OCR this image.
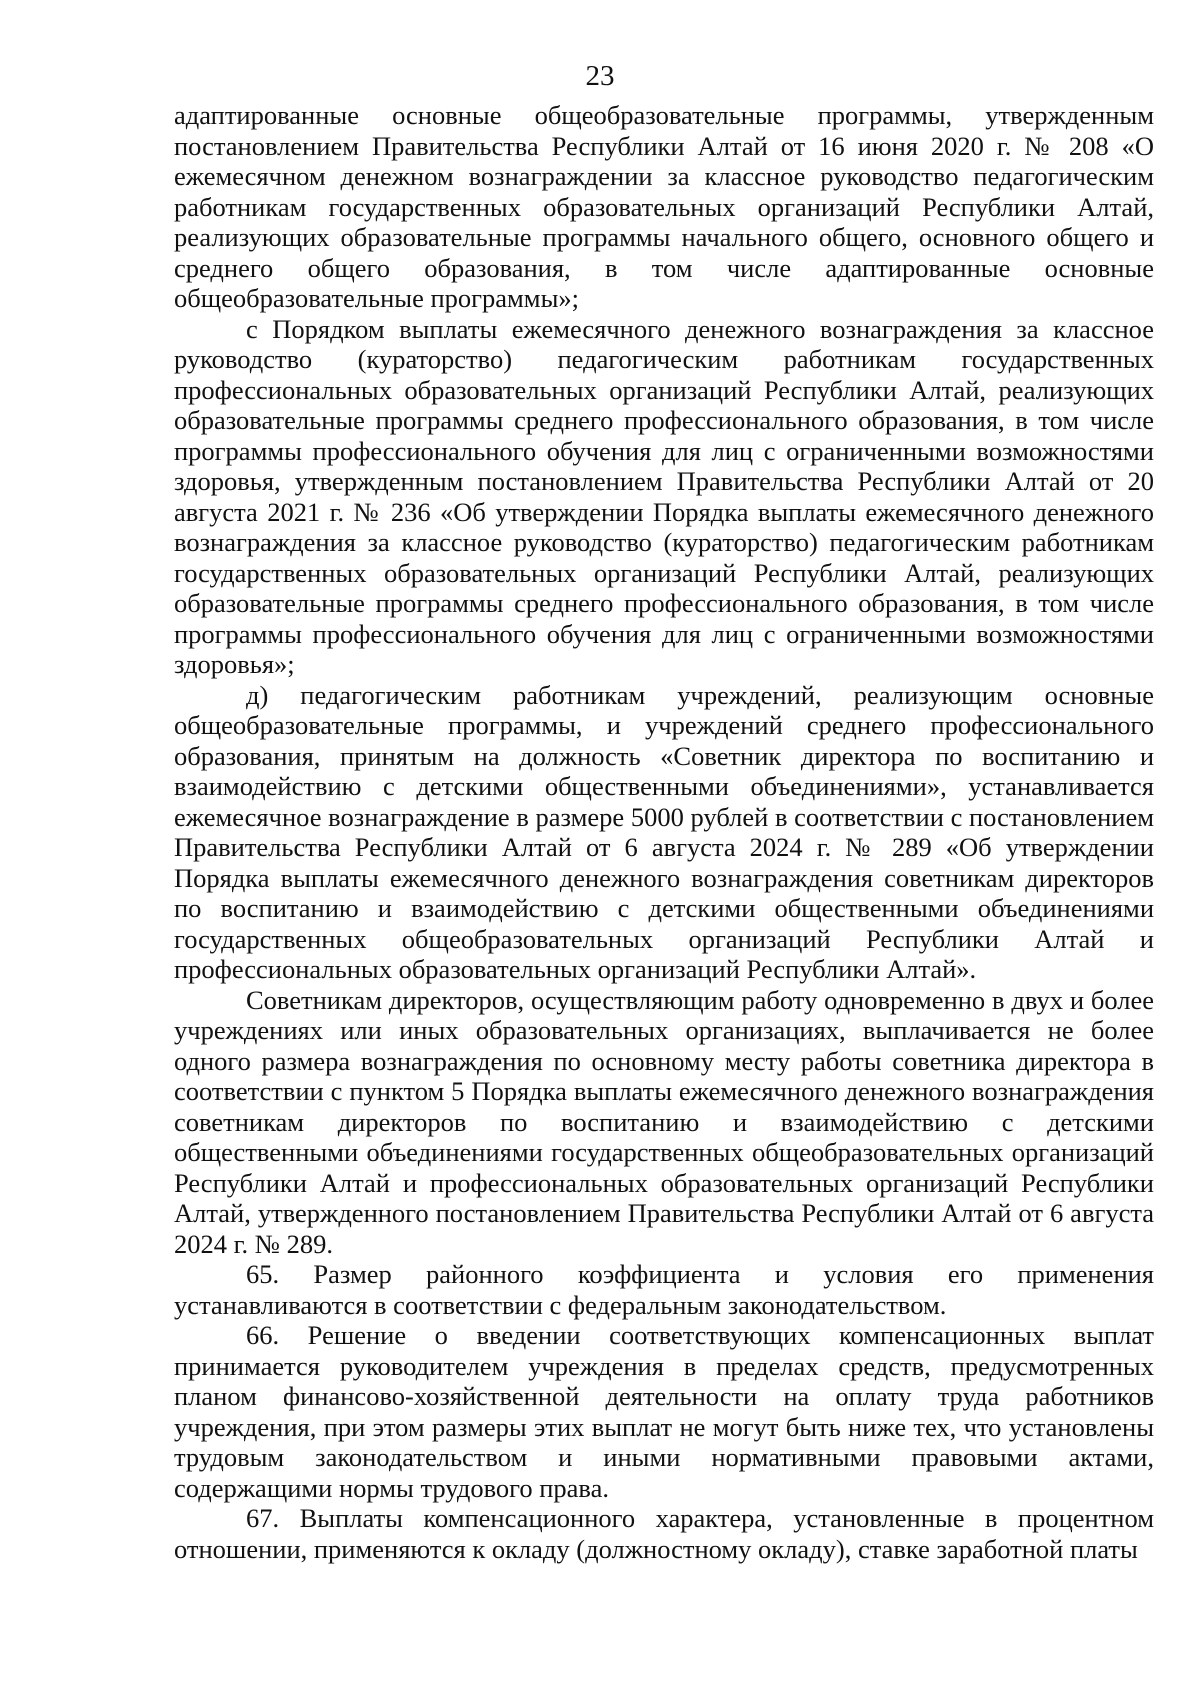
23

адаптированные основные общеобразовательные программы, утвержденным постановлением Правительства Республики Алтай от 16 июня 2020 г. № 208 «О ежемесячном денежном вознаграждении за классное руководство педагогическим работникам государственных образовательных организаций Республики Алтай, реализующих образовательные программы начального общего, основного общего и среднего общего образования, в том числе адаптированные основные общеобразовательные программы»;

с Порядком выплаты ежемесячного денежного вознаграждения за классное руководство (кураторство) педагогическим работникам государственных профессиональных образовательных организаций Республики Алтай, реализующих образовательные программы среднего профессионального образования, в том числе программы профессионального обучения для лиц с ограниченными возможностями здоровья, утвержденным постановлением Правительства Республики Алтай от 20 августа 2021 г. № 236 «Об утверждении Порядка выплаты ежемесячного денежного вознаграждения за классное руководство (кураторство) педагогическим работникам государственных образовательных организаций Республики Алтай, реализующих образовательные программы среднего профессионального образования, в том числе программы профессионального обучения для лиц с ограниченными возможностями здоровья»;

д) педагогическим работникам учреждений, реализующим основные общеобразовательные программы, и учреждений среднего профессионального образования, принятым на должность «Советник директора по воспитанию и взаимодействию с детскими общественными объединениями», устанавливается ежемесячное вознаграждение в размере 5000 рублей в соответствии с постановлением Правительства Республики Алтай от 6 августа 2024 г. № 289 «Об утверждении Порядка выплаты ежемесячного денежного вознаграждения советникам директоров по воспитанию и взаимодействию с детскими общественными объединениями государственных общеобразовательных организаций Республики Алтай и профессиональных образовательных организаций Республики Алтай».

Советникам директоров, осуществляющим работу одновременно в двух и более учреждениях или иных образовательных организациях, выплачивается не более одного размера вознаграждения по основному месту работы советника директора в соответствии с пунктом 5 Порядка выплаты ежемесячного денежного вознаграждения советникам директоров по воспитанию и взаимодействию с детскими общественными объединениями государственных общеобразовательных организаций Республики Алтай и профессиональных образовательных организаций Республики Алтай, утвержденного постановлением Правительства Республики Алтай от 6 августа 2024 г. № 289.

65. Размер районного коэффициента и условия его применения устанавливаются в соответствии с федеральным законодательством.

66. Решение о введении соответствующих компенсационных выплат принимается руководителем учреждения в пределах средств, предусмотренных планом финансово-хозяйственной деятельности на оплату труда работников учреждения, при этом размеры этих выплат не могут быть ниже тех, что установлены трудовым законодательством и иными нормативными правовыми актами, содержащими нормы трудового права.

67. Выплаты компенсационного характера, установленные в процентном отношении, применяются к окладу (должностному окладу), ставке заработной платы
